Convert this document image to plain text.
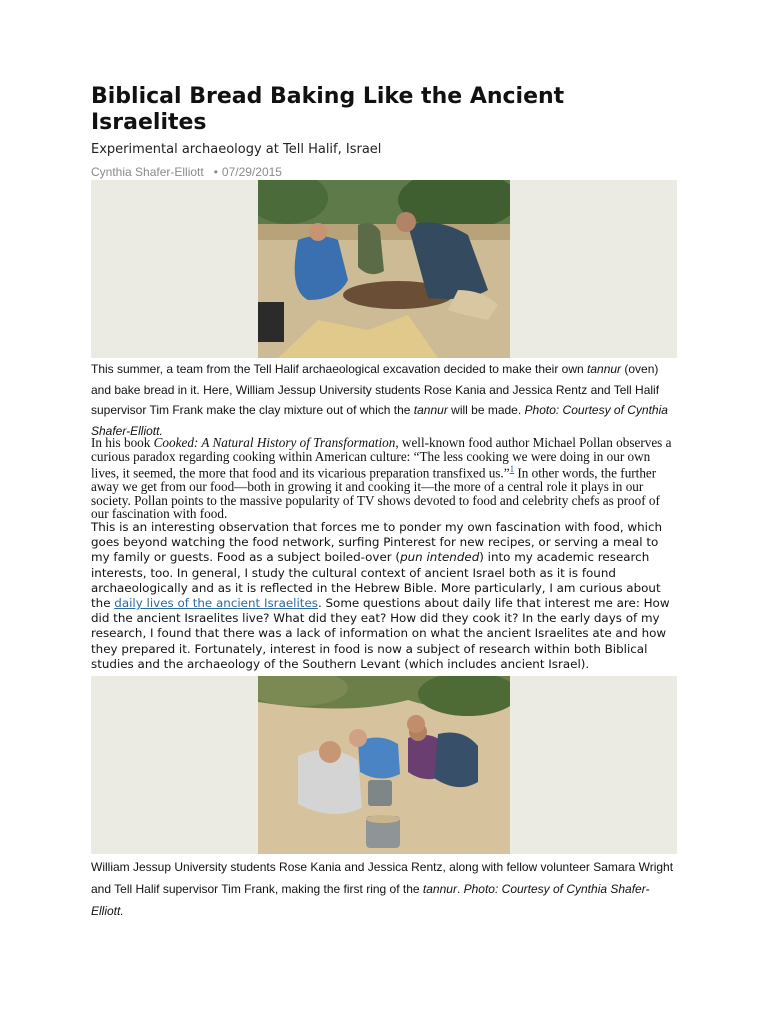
Biblical Bread Baking Like the Ancient Israelites

Experimental archaeology at Tell Halif, Israel

Cynthia Shafer-Elliott • 07/29/2015

This summer, a team from the Tell Halif archaeological excavation decided to make their own tannur (oven) and bake bread in it. Here, William Jessup University students Rose Kania and Jessica Rentz and Tell Halif supervisor Tim Frank make the clay mixture out of which the tannur will be made. Photo: Courtesy of Cynthia Shafer-Elliott.

In his book Cooked: A Natural History of Transformation, well-known food author Michael Pollan observes a curious paradox regarding cooking within American culture: “The less cooking we were doing in our own lives, it seemed, the more that food and its vicarious preparation transfixed us.”$^1$ In other words, the further away we get from our food—both in growing it and cooking it—the more of a central role it plays in our society. Pollan points to the massive popularity of TV shows devoted to food and celebrity chefs as proof of our fascination with food.

This is an interesting observation that forces me to ponder my own fascination with food, which goes beyond watching the food network, surfing Pinterest for new recipes, or serving a meal to my family or guests. Food as a subject boiled-over (pun intended) into my academic research interests, too. In general, I study the cultural context of ancient Israel both as it is found archaeologically and as it is reflected in the Hebrew Bible. More particularly, I am curious about the daily lives of the ancient Israelites. Some questions about daily life that interest me are: How did the ancient Israelites live? What did they eat? How did they cook it? In the early days of my research, I found that there was a lack of information on what the ancient Israelites ate and how they prepared it. Fortunately, interest in food is now a subject of research within both Biblical studies and the archaeology of the Southern Levant (which includes ancient Israel).

William Jessup University students Rose Kania and Jessica Rentz, along with fellow volunteer Samara Wright and Tell Halif supervisor Tim Frank, making the first ring of the tannur. Photo: Courtesy of Cynthia Shafer-Elliott.
